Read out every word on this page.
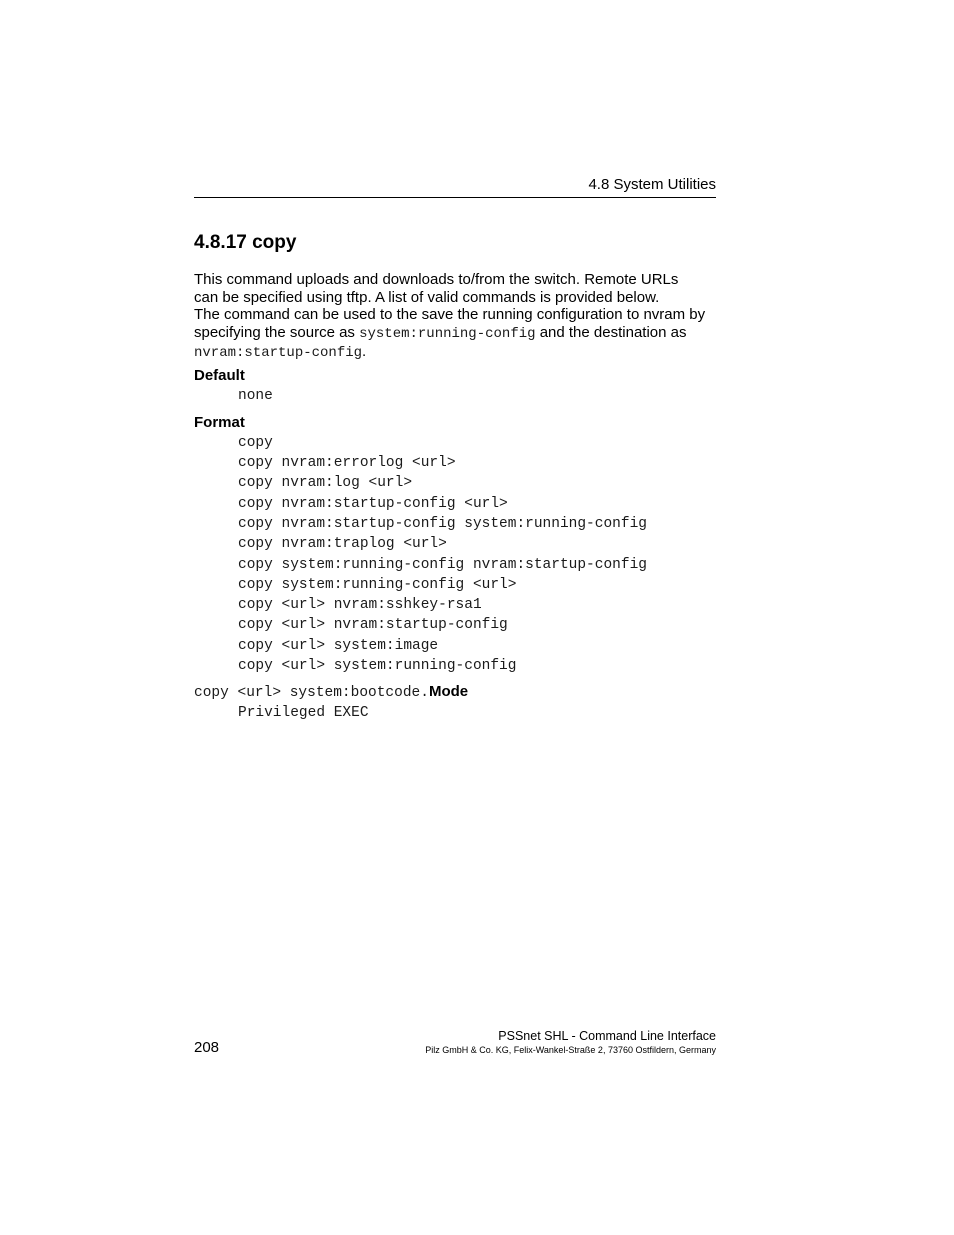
4.8 System Utilities
4.8.17 copy
This command uploads and downloads to/from the switch. Remote URLs
can be specified using tftp. A list of valid commands is provided below.
The command can be used to the save the running configuration to nvram by
specifying the source as system:running-config and the destination as
nvram:startup-config.
Default
none
Format
copy
copy nvram:errorlog <url>
copy nvram:log <url>
copy nvram:startup-config <url>
copy nvram:startup-config system:running-config
copy nvram:traplog <url>
copy system:running-config nvram:startup-config
copy system:running-config <url>
copy <url> nvram:sshkey-rsa1
copy <url> nvram:startup-config
copy <url> system:image
copy <url> system:running-config
copy <url> system:bootcode.Mode
Privileged EXEC
208
PSSnet SHL - Command Line Interface
Pilz GmbH & Co. KG, Felix-Wankel-Straße 2, 73760 Ostfildern, Germany
